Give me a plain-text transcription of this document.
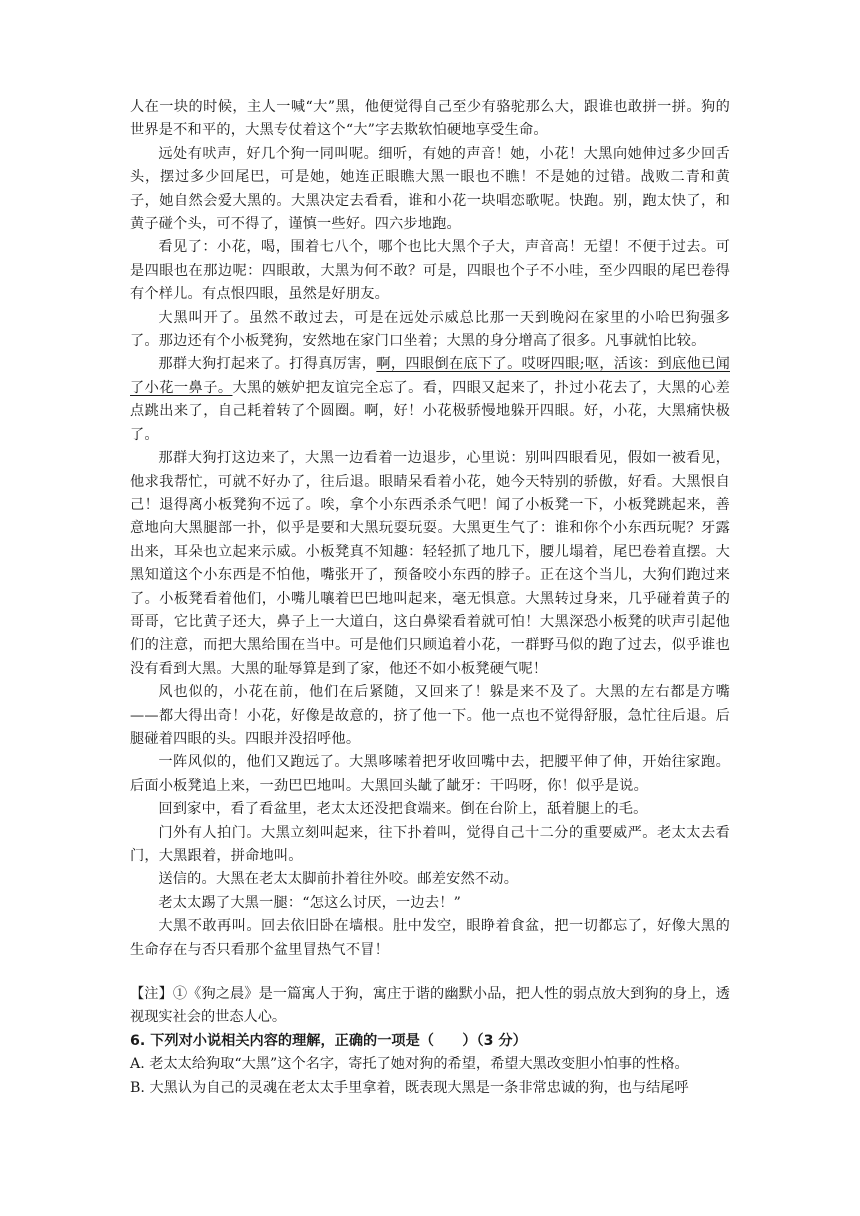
人在一块的时候，主人一喊“大”黑，他便觉得自己至少有骆驼那么大，跟谁也敢拼一拼。狗的世界是不和平的，大黑专仗着这个“大”字去欺软怕硬地享受生命。

远处有吠声，好几个狗一同叫呢。细听，有她的声音！她，小花！大黑向她伸过多少回舌头，摆过多少回尾巴，可是她，她连正眼瞧大黑一眼也不瞧！不是她的过错。战败二青和黄子，她自然会爱大黑的。大黑决定去看看，谁和小花一块唱恋歌呢。快跑。别，跑太快了，和黄子碰个头，可不得了，谨慎一些好。四六步地跑。

看见了：小花，喝，围着七八个，哪个也比大黑个子大，声音高！无望！不便于过去。可是四眼也在那边呢：四眼敢，大黑为何不敢？可是，四眼也个子不小哇，至少四眼的尾巴卷得有个样儿。有点恨四眼，虽然是好朋友。

大黑叫开了。虽然不敢过去，可是在远处示威总比那一天到晚闷在家里的小哈巴狗强多了。那边还有个小板凳狗，安然地在家门口坐着；大黑的身分增高了很多。凡事就怕比较。

那群大狗打起来了。打得真厉害，啊，四眼倒在底下了。哎呀四眼;呕，活该：到底他已闻了小花一鼻子。大黑的嫉妒把友谊完全忘了。看，四眼又起来了，扑过小花去了，大黑的心差点跳出来了，自己耗着转了个圆圈。啊，好！小花极骄慢地躲开四眼。好，小花，大黑痛快极了。

那群大狗打这边来了，大黑一边看着一边退步，心里说：别叫四眼看见，假如一被看见，他求我帮忙，可就不好办了，往后退。眼睛呆看着小花，她今天特别的骄傲，好看。大黑恨自己！退得离小板凳狗不远了。唉，拿个小东西杀杀气吧！闻了小板凳一下，小板凳跳起来，善意地向大黑腿部一扑，似乎是要和大黑玩耍玩耍。大黑更生气了：谁和你个小东西玩呢？牙露出来，耳朵也立起来示威。小板凳真不知趣：轻轻抓了地几下，腰儿塌着，尾巴卷着直摆。大黑知道这个小东西是不怕他，嘴张开了，预备咬小东西的脖子。正在这个当儿，大狗们跑过来了。小板凳看着他们，小嘴儿嚷着巴巴地叫起来，毫无惧意。大黑转过身来，几乎碰着黄子的哥哥，它比黄子还大，鼻子上一大道白，这白鼻梁看着就可怕！大黑深恐小板凳的吠声引起他们的注意，而把大黑给围在当中。可是他们只顾追着小花，一群野马似的跑了过去，似乎谁也没有看到大黑。大黑的耻辱算是到了家，他还不如小板凳硬气呢！

风也似的，小花在前，他们在后紧随，又回来了！躲是来不及了。大黑的左右都是方嘴——都大得出奇！小花，好像是故意的，挤了他一下。他一点也不觉得舒服，急忙往后退。后腿碰着四眼的头。四眼并没招呼他。

一阵风似的，他们又跑远了。大黑哆嗦着把牙收回嘴中去，把腰平伸了伸，开始往家跑。后面小板凳追上来，一劲巴巴地叫。大黑回头龇了龇牙：干吗呀，你！似乎是说。

回到家中，看了看盆里，老太太还没把食端来。倒在台阶上，舐着腿上的毛。

门外有人拍门。大黑立刻叫起来，往下扑着叫，觉得自己十二分的重要威严。老太太去看门，大黑跟着，拼命地叫。

送信的。大黑在老太太脚前扑着往外咬。邮差安然不动。

老太太踢了大黑一腿：“怎这么讨厌，一边去！”

大黑不敢再叫。回去依旧卧在墙根。肚中发空，眼睁着食盆，把一切都忘了，好像大黑的生命存在与否只看那个盆里冒热气不冒！

【注】①《狗之晨》是一篇寓人于狗，寓庄于谐的幽默小品，把人性的弱点放大到狗的身上，透视现实社会的世态人心。

6. 下列对小说相关内容的理解，正确的一项是（　　）（3 分）

A. 老太太给狗取“大黑”这个名字，寄托了她对狗的希望，希望大黑改变胆小怕事的性格。

B. 大黑认为自己的灵魂在老太太手里拿着，既表现大黑是一条非常忠诚的狗，也与结尾呼
